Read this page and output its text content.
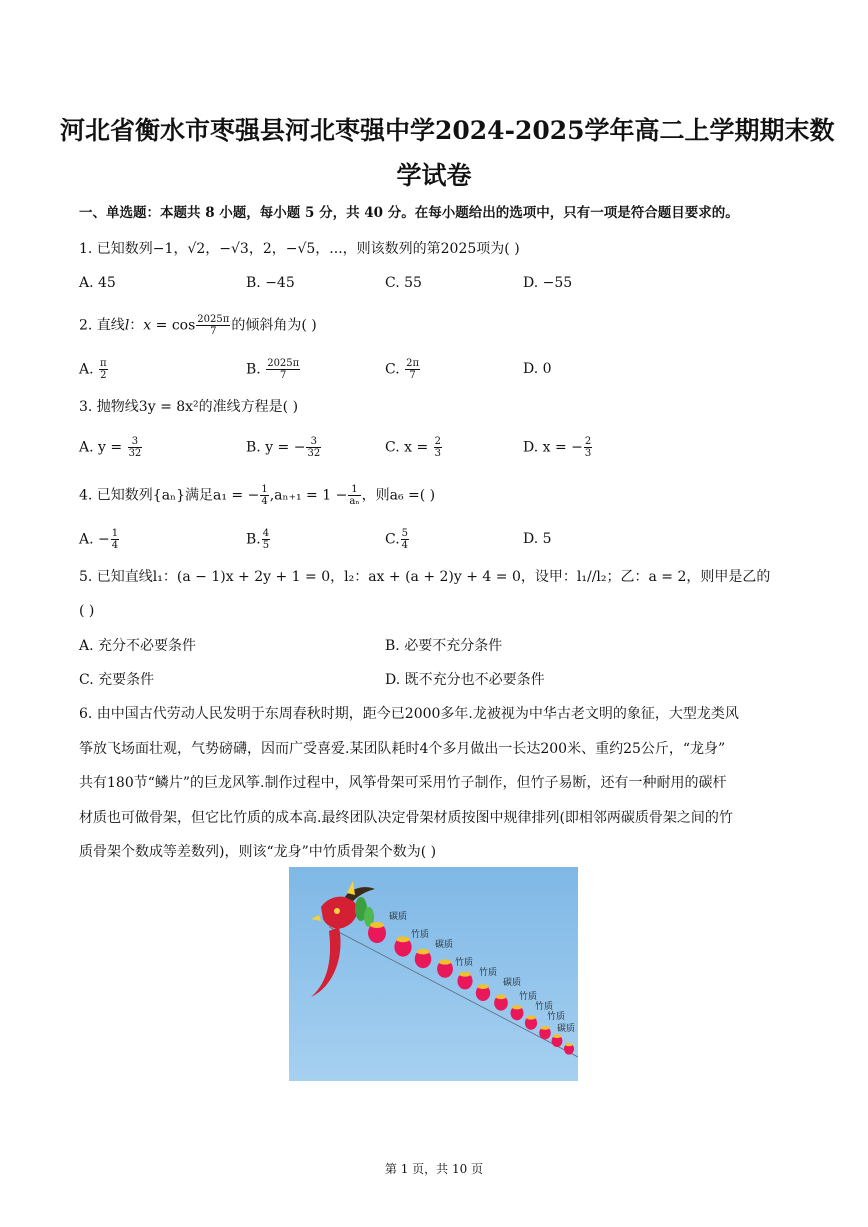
河北省衡水市枣强县河北枣强中学2024-2025学年高二上学期期末数
学试卷
一、单选题：本题共 8 小题，每小题 5 分，共 40 分。在每小题给出的选项中，只有一项是符合题目要求的。
1. 已知数列−1，√2，−√3，2，−√5，...，则该数列的第2025项为( )
A. 45	B. −45	C. 55	D. −55
2. 直线l：$x = \cos \frac{2025\pi}{7}$ 的倾斜角为( )
A. $\frac{\pi}{2}$	B. $\frac{2025\pi}{7}$	C. $\frac{2\pi}{7}$	D. 0
3. 抛物线3y = 8x²的准线方程是( )
A. $y = \frac{3}{32}$	B. y = − $\frac{3}{32}$	C. $x = \frac{2}{3}$	D. x = − $\frac{2}{3}$
4. 已知数列{aₙ}满足a₁ = − $\frac{1}{4} ,a_{n+1} = 1 - \frac{1}{\text{aₙ}}$ ，则a₆ =( )
A. − $\frac{1}{4}$	B. $\frac{4}{5}$	C. $\frac{5}{4}$	D. 5
5. 已知直线l₁：(a − 1)x + 2y + 1 = 0，l₂：ax + (a + 2)y + 4 = 0，设甲：l₁//l₂；乙：a = 2，则甲是乙的
( )
A. 充分不必要条件	B. 必要不充分条件
C. 充要条件	D. 既不充分也不必要条件
6. 由中国古代劳动人民发明于东周春秋时期，距今已2000多年.龙被视为中华古老文明的象征，大型龙类风
筝放飞场面壮观，气势磅礴，因而广受喜爱.某团队耗时4个多月做出一长达200米、重约25公斤，“龙身”
共有180节“鳞片”的巨龙风筝.制作过程中，风筝骨架可采用竹子制作，但竹子易断，还有一种耐用的碳杆
材质也可做骨架，但它比竹质的成本高.最终团队决定骨架材质按图中规律排列(即相邻两碳质骨架之间的竹
质骨架个数成等差数列)，则该“龙身”中竹质骨架个数为( )
碳质
竹质
碳质
竹质
竹质
碳质
竹质
竹质
竹质
碳质
第 1 页，共 10 页
